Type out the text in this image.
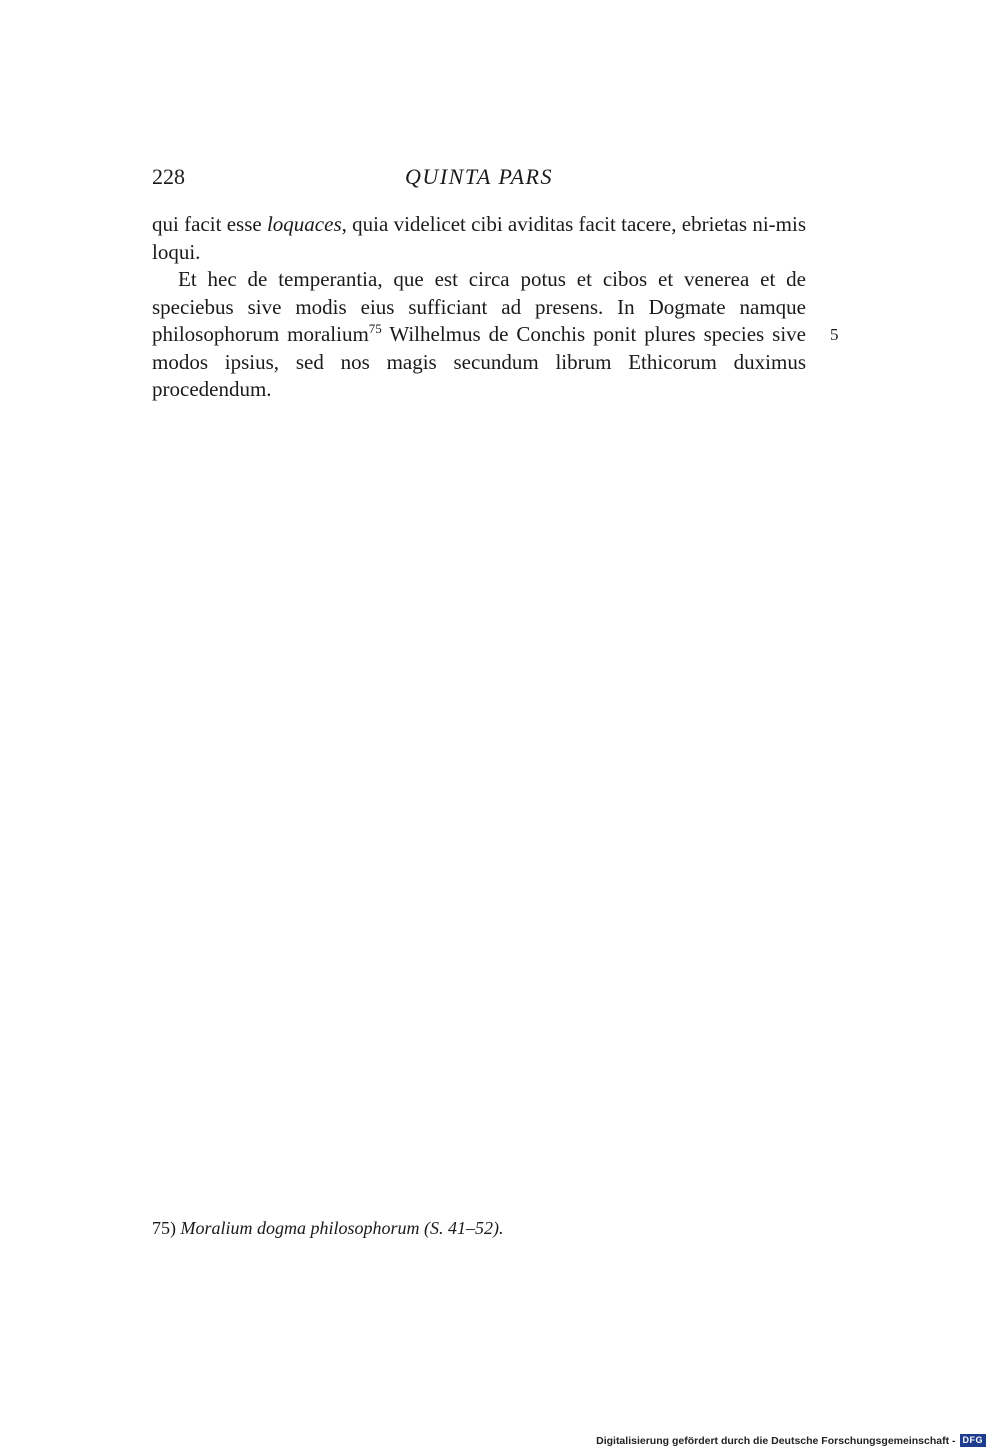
228	QUINTA PARS

qui facit esse loquaces, quia videlicet cibi aviditas facit tacere, ebrietas ni-mis loqui.

Et hec de temperantia, que est circa potus et cibos et venerea et de speciebus sive modis eius sufficiant ad presens. In Dogmate namque philosophorum moralium$^{75}$ Wilhelmus de Conchis ponit plures species sive modos ipsius, sed nos magis secundum librum Ethicorum duximus procedendum.

5
75) Moralium dogma philosophorum (S. 41–52).
Digitalisierung gefördert durch die Deutsche Forschungsgemeinschaft - DFG
